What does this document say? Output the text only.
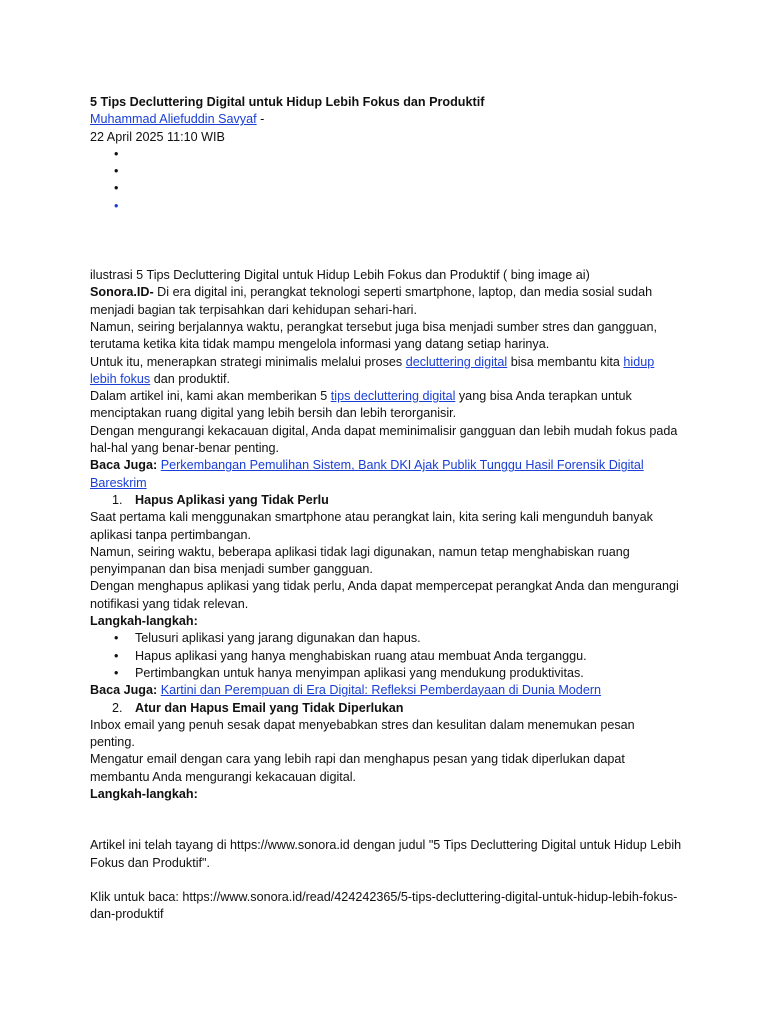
5 Tips Decluttering Digital untuk Hidup Lebih Fokus dan Produktif

Muhammad Aliefuddin Savyaf -

22 April 2025 11:10 WIB

•
•
•
•

ilustrasi 5 Tips Decluttering Digital untuk Hidup Lebih Fokus dan Produktif ( bing image ai)

Sonora.ID- Di era digital ini, perangkat teknologi seperti smartphone, laptop, dan media sosial sudah menjadi bagian tak terpisahkan dari kehidupan sehari-hari.

Namun, seiring berjalannya waktu, perangkat tersebut juga bisa menjadi sumber stres dan gangguan, terutama ketika kita tidak mampu mengelola informasi yang datang setiap harinya.

Untuk itu, menerapkan strategi minimalis melalui proses decluttering digital bisa membantu kita hidup lebih fokus dan produktif.

Dalam artikel ini, kami akan memberikan 5 tips decluttering digital yang bisa Anda terapkan untuk menciptakan ruang digital yang lebih bersih dan lebih terorganisir.

Dengan mengurangi kekacauan digital, Anda dapat meminimalisir gangguan dan lebih mudah fokus pada hal-hal yang benar-benar penting.

Baca Juga: Perkembangan Pemulihan Sistem, Bank DKI Ajak Publik Tunggu Hasil Forensik Digital Bareskrim

1. Hapus Aplikasi yang Tidak Perlu

Saat pertama kali menggunakan smartphone atau perangkat lain, kita sering kali mengunduh banyak aplikasi tanpa pertimbangan.

Namun, seiring waktu, beberapa aplikasi tidak lagi digunakan, namun tetap menghabiskan ruang penyimpanan dan bisa menjadi sumber gangguan.

Dengan menghapus aplikasi yang tidak perlu, Anda dapat mempercepat perangkat Anda dan mengurangi notifikasi yang tidak relevan.

Langkah-langkah:

• Telusuri aplikasi yang jarang digunakan dan hapus.
• Hapus aplikasi yang hanya menghabiskan ruang atau membuat Anda terganggu.
• Pertimbangkan untuk hanya menyimpan aplikasi yang mendukung produktivitas.

Baca Juga: Kartini dan Perempuan di Era Digital: Refleksi Pemberdayaan di Dunia Modern

2. Atur dan Hapus Email yang Tidak Diperlukan

Inbox email yang penuh sesak dapat menyebabkan stres dan kesulitan dalam menemukan pesan penting.

Mengatur email dengan cara yang lebih rapi dan menghapus pesan yang tidak diperlukan dapat membantu Anda mengurangi kekacauan digital.

Langkah-langkah:

Artikel ini telah tayang di https://www.sonora.id dengan judul "5 Tips Decluttering Digital untuk Hidup Lebih Fokus dan Produktif".

Klik untuk baca: https://www.sonora.id/read/424242365/5-tips-decluttering-digital-untuk-hidup-lebih-fokus-dan-produktif
